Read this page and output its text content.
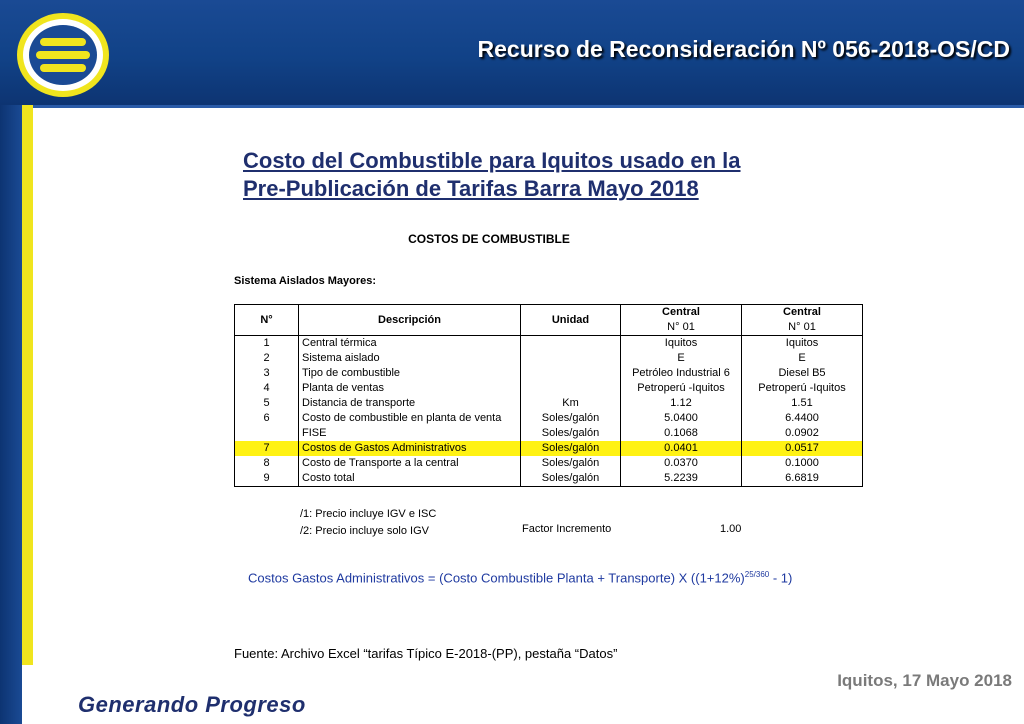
Recurso de Reconsideración Nº 056-2018-OS/CD
Costo del Combustible para Iquitos usado en la
Pre-Publicación de Tarifas Barra Mayo 2018
COSTOS DE COMBUSTIBLE
Sistema Aislados Mayores:
N°	Descripción	Unidad	Central	Central
			N° 01	N° 01
1	Central térmica		Iquitos	Iquitos
2	Sistema aislado		E	E
3	Tipo de combustible		Petróleo Industrial 6	Diesel B5
4	Planta de ventas		Petroperú -Iquitos	Petroperú -Iquitos
5	Distancia de transporte	Km	1.12	1.51
6	Costo de combustible en planta de venta	Soles/galón	5.0400	6.4400
	FISE	Soles/galón	0.1068	0.0902
7	Costos de Gastos Administrativos	Soles/galón	0.0401	0.0517
8	Costo de Transporte a la central	Soles/galón	0.0370	0.1000
9	Costo total	Soles/galón	5.2239	6.6819
/1: Precio incluye IGV e ISC
/2: Precio incluye solo IGV	Factor Incremento	1.00
Costos Gastos Administrativos = (Costo Combustible Planta + Transporte) X $((1+12\%)^{25/360} - 1)$
Fuente: Archivo Excel “tarifas Típico E-2018-(PP), pestaña “Datos”
Iquitos, 17 Mayo 2018
Generando Progreso
